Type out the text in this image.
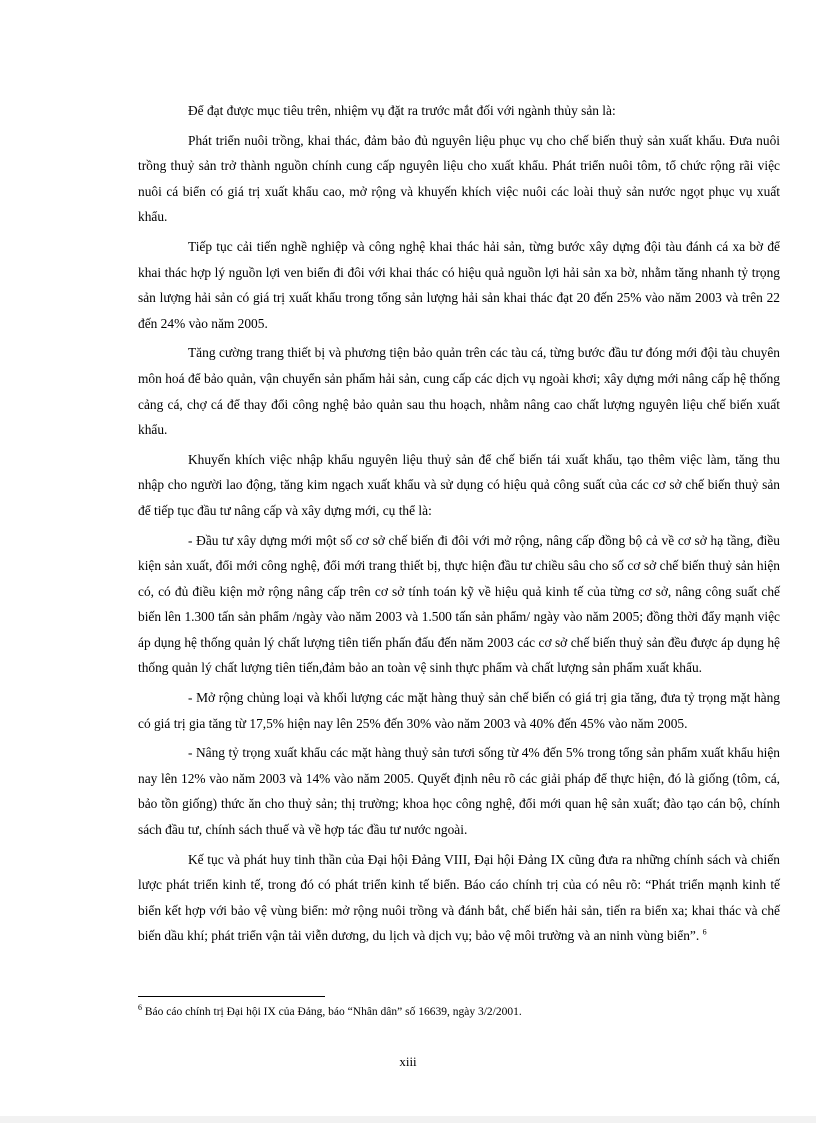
Để đạt được mục tiêu trên, nhiệm vụ đặt ra trước mắt đối với ngành thủy sản là:

Phát triển nuôi trồng, khai thác, đảm bảo đủ nguyên liệu phục vụ cho chế biến thuỷ sản xuất khẩu. Đưa nuôi trồng thuỷ sản trở thành nguồn chính cung cấp nguyên liệu cho xuất khẩu. Phát triển nuôi tôm, tổ chức rộng rãi việc nuôi cá biển có giá trị xuất khẩu cao, mở rộng và khuyến khích việc nuôi các loài thuỷ sản nước ngọt phục vụ xuất khẩu.

Tiếp tục cải tiến nghề nghiệp và công nghệ khai thác hải sản, từng bước xây dựng đội tàu đánh cá xa bờ để khai thác hợp lý nguồn lợi ven biển đi đôi với khai thác có hiệu quả nguồn lợi hải sản xa bờ, nhằm tăng nhanh tỷ trọng sản lượng hải sản có giá trị xuất khẩu trong tổng sản lượng hải sản khai thác đạt 20 đến 25% vào năm 2003 và trên 22 đến 24% vào năm 2005.

Tăng cường trang thiết bị và phương tiện bảo quản trên các tàu cá, từng bước đầu tư đóng mới đội tàu chuyên môn hoá để bảo quản, vận chuyển sản phẩm hải sản, cung cấp các dịch vụ ngoài khơi; xây dựng mới nâng cấp hệ thống cảng cá, chợ cá để thay đổi công nghệ bảo quản sau thu hoạch, nhằm nâng cao chất lượng nguyên liệu chế biến xuất khẩu.

Khuyến khích việc nhập khẩu nguyên liệu thuỷ sản để chế biến tái xuất khẩu, tạo thêm việc làm, tăng thu nhập cho người lao động, tăng kim ngạch xuất khẩu và sử dụng có hiệu quả công suất của các cơ sở chế biến thuỷ sản để tiếp tục đầu tư nâng cấp và xây dựng mới, cụ thể là:

- Đầu tư xây dựng mới một số cơ sở chế biến đi đôi với mở rộng, nâng cấp đồng bộ cả về cơ sở hạ tầng, điều kiện sản xuất, đổi mới công nghệ, đổi mới trang thiết bị, thực hiện đầu tư chiều sâu cho số cơ sở chế biến thuỷ sản hiện có, có đủ điều kiện mở rộng nâng cấp trên cơ sở tính toán kỹ về hiệu quả kinh tế của từng cơ sở, nâng công suất chế biến lên 1.300 tấn sản phẩm /ngày vào năm 2003 và 1.500 tấn sản phẩm/ ngày vào năm 2005; đồng thời đẩy mạnh việc áp dụng hệ thống quản lý chất lượng tiên tiến phấn đấu đến năm 2003 các cơ sở chế biến thuỷ sản đều được áp dụng hệ thống quản lý chất lượng tiên tiến,đảm bảo an toàn vệ sinh thực phẩm và chất lượng sản phẩm xuất khẩu.

- Mở rộng chủng loại và khối lượng các mặt hàng thuỷ sản chế biến có giá trị gia tăng, đưa tỷ trọng mặt hàng có giá trị gia tăng từ 17,5% hiện nay lên 25% đến 30% vào năm 2003 và 40% đến 45% vào năm 2005.

- Nâng tỷ trọng xuất khẩu các mặt hàng thuỷ sản tươi sống từ 4% đến 5% trong tổng sản phẩm xuất khẩu hiện nay lên 12% vào năm 2003 và 14% vào năm 2005. Quyết định nêu rõ các giải pháp để thực hiện, đó là giống (tôm, cá, bảo tồn giống) thức ăn cho thuỷ sản; thị trường; khoa học công nghệ, đổi mới quan hệ sản xuất; đào tạo cán bộ, chính sách đầu tư, chính sách thuế và về hợp tác đầu tư nước ngoài.

Kế tục và phát huy tinh thần của Đại hội Đảng VIII, Đại hội Đảng IX cũng đưa ra những chính sách và chiến lược phát triển kinh tế, trong đó có phát triển kinh tế biển. Báo cáo chính trị của có nêu rõ: “Phát triển mạnh kinh tế biển kết hợp với bảo vệ vùng biển: mở rộng nuôi trồng và đánh bắt, chế biến hải sản, tiến ra biển xa; khai thác và chế biến dầu khí; phát triển vận tải viễn dương, du lịch và dịch vụ; bảo vệ môi trường và an ninh vùng biển”. $^6$

$^6$ Báo cáo chính trị Đại hội IX của Đảng, báo “Nhân dân” số 16639, ngày 3/2/2001.
xiii
